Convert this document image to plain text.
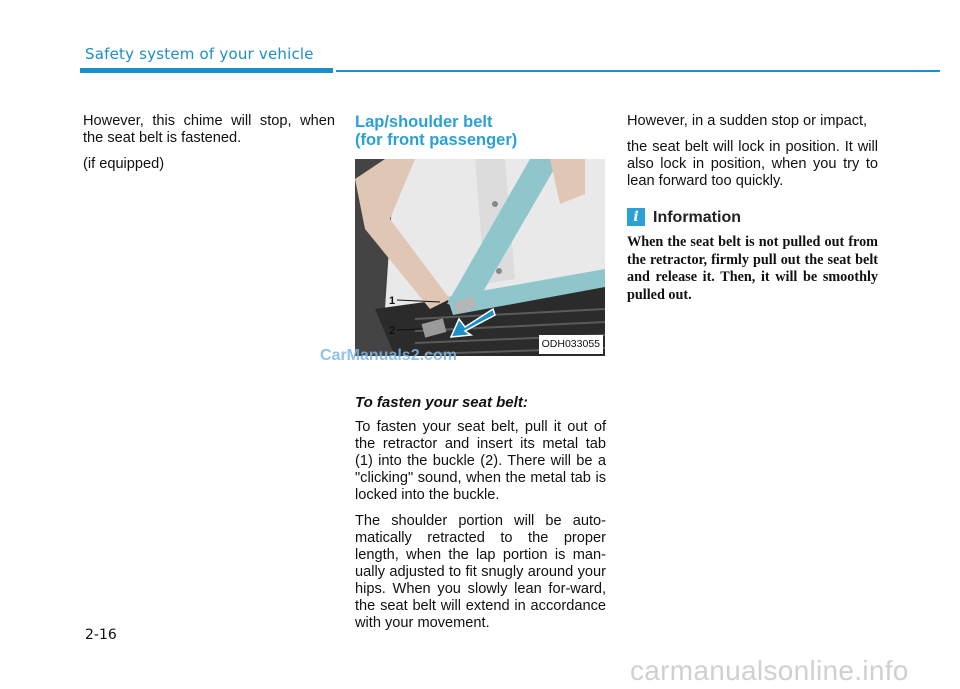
Safety system of your vehicle

However, this chime will stop, when the seat belt is fastened.

(if equipped)

Lap/shoulder belt
(for front passenger)
1
2
ODH033055
To fasten your seat belt:

To fasten your seat belt, pull it out of the retractor and insert its metal tab (1) into the buckle (2). There will be a "clicking" sound, when the metal tab is locked into the buckle.

The shoulder portion will be auto-matically retracted to the proper length, when the lap portion is man-ually adjusted to fit snugly around your hips. When you slowly lean for-ward, the seat belt will extend in accordance with your movement.

However, in a sudden stop or impact,

the seat belt will lock in position. It will also lock in position, when you try to lean forward too quickly.

i Information

When the seat belt is not pulled out from the retractor, firmly pull out the seat belt and release it. Then, it will be smoothly pulled out.

CarManuals2.com
2-16
carmanualsonline.info
